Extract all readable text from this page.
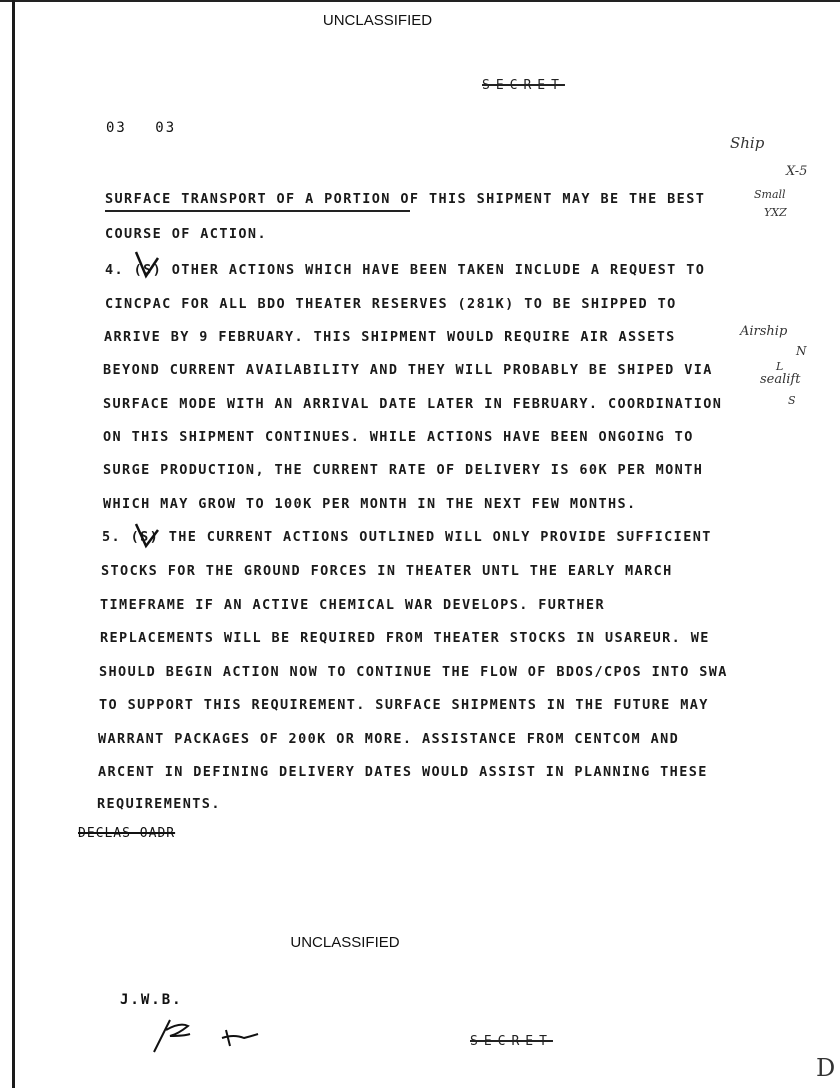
UNCLASSIFIED
SECRET
03 03
SURFACE TRANSPORT OF A PORTION OF THIS SHIPMENT MAY BE THE BEST
COURSE OF ACTION.
4. (S) OTHER ACTIONS WHICH HAVE BEEN TAKEN INCLUDE A REQUEST TO
CINCPAC FOR ALL BDO THEATER RESERVES (281K) TO BE SHIPPED TO
ARRIVE BY 9 FEBRUARY. THIS SHIPMENT WOULD REQUIRE AIR ASSETS
BEYOND CURRENT AVAILABILITY AND THEY WILL PROBABLY BE SHIPED VIA
SURFACE MODE WITH AN ARRIVAL DATE LATER IN FEBRUARY. COORDINATION
ON THIS SHIPMENT CONTINUES. WHILE ACTIONS HAVE BEEN ONGOING TO
SURGE PRODUCTION, THE CURRENT RATE OF DELIVERY IS 60K PER MONTH
WHICH MAY GROW TO 100K PER MONTH IN THE NEXT FEW MONTHS.
5. (S) THE CURRENT ACTIONS OUTLINED WILL ONLY PROVIDE SUFFICIENT
STOCKS FOR THE GROUND FORCES IN THEATER UNTL THE EARLY MARCH
TIMEFRAME IF AN ACTIVE CHEMICAL WAR DEVELOPS. FURTHER
REPLACEMENTS WILL BE REQUIRED FROM THEATER STOCKS IN USAREUR. WE
SHOULD BEGIN ACTION NOW TO CONTINUE THE FLOW OF BDOS/CPOS INTO SWA
TO SUPPORT THIS REQUIREMENT. SURFACE SHIPMENTS IN THE FUTURE MAY
WARRANT PACKAGES OF 200K OR MORE. ASSISTANCE FROM CENTCOM AND
ARCENT IN DEFINING DELIVERY DATES WOULD ASSIST IN PLANNING THESE
REQUIREMENTS.
DECLAS OADR
Ship
X-5
Small
YXZ
Airship
N
L
sealift
S
UNCLASSIFIED
J.W.B.
SECRET
D
